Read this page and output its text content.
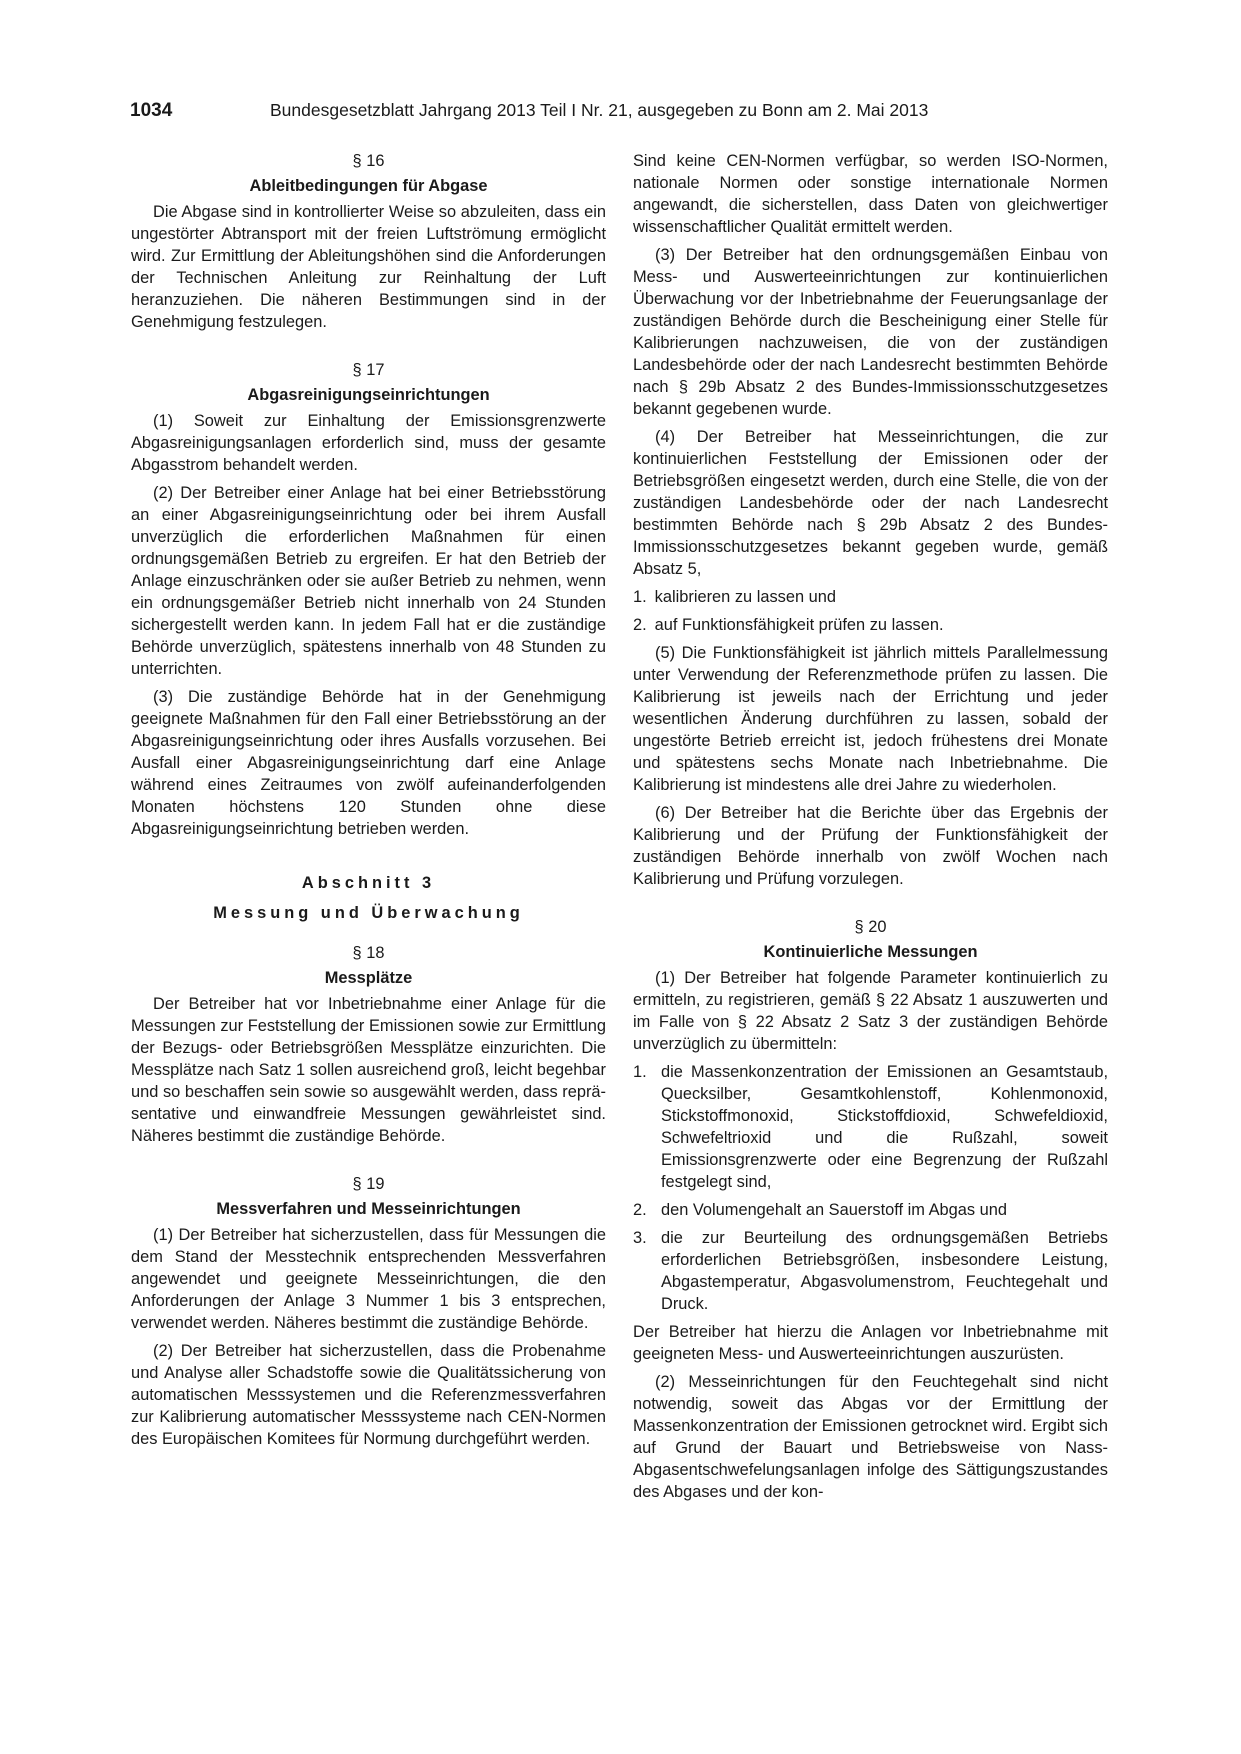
1034	Bundesgesetzblatt Jahrgang 2013 Teil I Nr. 21, ausgegeben zu Bonn am 2. Mai 2013
§ 16
Ableitbedingungen für Abgase

Die Abgase sind in kontrollierter Weise so abzuleiten, dass ein ungestörter Abtransport mit der freien Luftströmung ermöglicht wird. Zur Ermittlung der Ableitungshöhen sind die Anforderungen der Technischen Anleitung zur Reinhaltung der Luft heranzuziehen. Die näheren Bestimmungen sind in der Genehmigung festzulegen.

§ 17
Abgasreinigungseinrichtungen

(1) Soweit zur Einhaltung der Emissionsgrenzwerte Abgasreinigungsanlagen erforderlich sind, muss der gesamte Abgasstrom behandelt werden.

(2) Der Betreiber einer Anlage hat bei einer Betriebsstörung an einer Abgasreinigungseinrichtung oder bei ihrem Ausfall unverzüglich die erforderlichen Maßnahmen für einen ordnungsgemäßen Betrieb zu ergreifen. Er hat den Betrieb der Anlage einzuschränken oder sie außer Betrieb zu nehmen, wenn ein ordnungsgemäßer Betrieb nicht innerhalb von 24 Stunden sichergestellt werden kann. In jedem Fall hat er die zuständige Behörde unverzüglich, spätestens innerhalb von 48 Stunden zu unterrichten.

(3) Die zuständige Behörde hat in der Genehmigung geeignete Maßnahmen für den Fall einer Betriebsstörung an der Abgasreinigungseinrichtung oder ihres Ausfalls vorzusehen. Bei Ausfall einer Abgasreinigungseinrichtung darf eine Anlage während eines Zeitraumes von zwölf aufeinanderfolgenden Monaten höchstens 120 Stunden ohne diese Abgasreinigungseinrichtung betrieben werden.

Abschnitt 3
Messung und Überwachung
§ 18
Messplätze

Der Betreiber hat vor Inbetriebnahme einer Anlage für die Messungen zur Feststellung der Emissionen sowie zur Ermittlung der Bezugs- oder Betriebsgrößen Messplätze einzurichten. Die Messplätze nach Satz 1 sollen ausreichend groß, leicht begehbar und so beschaffen sein sowie so ausgewählt werden, dass repräsentative und einwandfreie Messungen gewährleistet sind. Näheres bestimmt die zuständige Behörde.

§ 19
Messverfahren und Messeinrichtungen

(1) Der Betreiber hat sicherzustellen, dass für Messungen die dem Stand der Messtechnik entsprechenden Messverfahren angewendet und geeignete Messeinrichtungen, die den Anforderungen der Anlage 3 Nummer 1 bis 3 entsprechen, verwendet werden. Näheres bestimmt die zuständige Behörde.

(2) Der Betreiber hat sicherzustellen, dass die Probenahme und Analyse aller Schadstoffe sowie die Qualitätssicherung von automatischen Messsystemen und die Referenzmessverfahren zur Kalibrierung automatischer Messsysteme nach CEN-Normen des Europäischen Komitees für Normung durchgeführt werden.

Sind keine CEN-Normen verfügbar, so werden ISO-Normen, nationale Normen oder sonstige internationale Normen angewandt, die sicherstellen, dass Daten von gleichwertiger wissenschaftlicher Qualität ermittelt werden.

(3) Der Betreiber hat den ordnungsgemäßen Einbau von Mess- und Auswerteeinrichtungen zur kontinuierlichen Überwachung vor der Inbetriebnahme der Feuerungsanlage der zuständigen Behörde durch die Bescheinigung einer Stelle für Kalibrierungen nachzuweisen, die von der zuständigen Landesbehörde oder der nach Landesrecht bestimmten Behörde nach § 29b Absatz 2 des Bundes-Immissionsschutzgesetzes bekannt gegebenen wurde.

(4) Der Betreiber hat Messeinrichtungen, die zur kontinuierlichen Feststellung der Emissionen oder der Betriebsgrößen eingesetzt werden, durch eine Stelle, die von der zuständigen Landesbehörde oder der nach Landesrecht bestimmten Behörde nach § 29b Absatz 2 des Bundes-Immissionsschutzgesetzes bekannt gegeben wurde, gemäß Absatz 5,

1. kalibrieren zu lassen und
2. auf Funktionsfähigkeit prüfen zu lassen.

(5) Die Funktionsfähigkeit ist jährlich mittels Parallelmessung unter Verwendung der Referenzmethode prüfen zu lassen. Die Kalibrierung ist jeweils nach der Errichtung und jeder wesentlichen Änderung durchführen zu lassen, sobald der ungestörte Betrieb erreicht ist, jedoch frühestens drei Monate und spätestens sechs Monate nach Inbetriebnahme. Die Kalibrierung ist mindestens alle drei Jahre zu wiederholen.

(6) Der Betreiber hat die Berichte über das Ergebnis der Kalibrierung und der Prüfung der Funktionsfähigkeit der zuständigen Behörde innerhalb von zwölf Wochen nach Kalibrierung und Prüfung vorzulegen.

§ 20
Kontinuierliche Messungen

(1) Der Betreiber hat folgende Parameter kontinuierlich zu ermitteln, zu registrieren, gemäß § 22 Absatz 1 auszuwerten und im Falle von § 22 Absatz 2 Satz 3 der zuständigen Behörde unverzüglich zu übermitteln:

1. die Massenkonzentration der Emissionen an Gesamtstaub, Quecksilber, Gesamtkohlenstoff, Kohlenmonoxid, Stickstoffmonoxid, Stickstoffdioxid, Schwefeldioxid, Schwefeltrioxid und die Rußzahl, soweit Emissionsgrenzwerte oder eine Begrenzung der Rußzahl festgelegt sind,
2. den Volumengehalt an Sauerstoff im Abgas und
3. die zur Beurteilung des ordnungsgemäßen Betriebs erforderlichen Betriebsgrößen, insbesondere Leistung, Abgastemperatur, Abgasvolumenstrom, Feuchtegehalt und Druck.

Der Betreiber hat hierzu die Anlagen vor Inbetriebnahme mit geeigneten Mess- und Auswerteeinrichtungen auszurüsten.

(2) Messeinrichtungen für den Feuchtegehalt sind nicht notwendig, soweit das Abgas vor der Ermittlung der Massenkonzentration der Emissionen getrocknet wird. Ergibt sich auf Grund der Bauart und Betriebsweise von Nass-Abgasentschwefelungsanlagen infolge des Sättigungszustandes des Abgases und der kon-
